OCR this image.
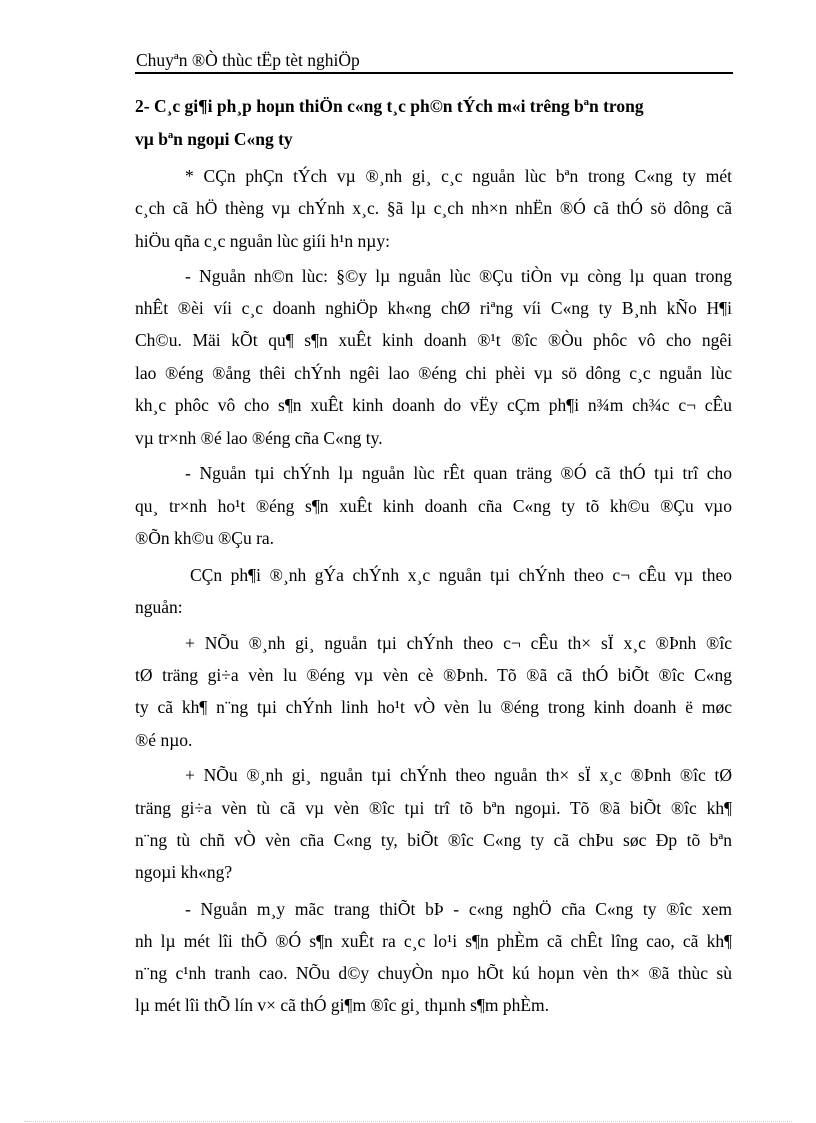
Chuyªn ®Ò thùc tËp tèt nghiÖp
2- C¸c gi¶i ph¸p hoµn thiÖn c«ng t¸c ph©n tÝch m«i trêng bªn trong
vµ bªn ngoµi C«ng ty
* CÇn phÇn tÝch vµ ®¸nh gi¸ c¸c nguån lùc bªn trong C«ng ty mét
c¸ch cã hÖ thèng vµ chÝnh x¸c. §ã lµ c¸ch nh×n nhËn ®Ó cã thÓ sö dông cã
hiÖu qña c¸c nguån lùc giíi h¹n nµy:
- Nguån nh©n lùc: §©y lµ nguån lùc ®Çu tiÒn vµ còng lµ quan trong
nhÊt ®èi víi c¸c doanh nghiÖp kh«ng chØ riªng víi C«ng ty B¸nh kÑo H¶i
Ch©u. Mäi kÕt qu¶ s¶n xuÊt kinh doanh ®¹t ®îc ®Òu phôc vô cho ngêi
lao ®éng ®ång thêi chÝnh ngêi lao ®éng chi phèi vµ sö dông c¸c nguån lùc
kh¸c phôc vô cho s¶n xuÊt kinh doanh do vËy cÇm ph¶i n¾m ch¾c c¬ cÊu
vµ tr×nh ®é lao ®éng cña C«ng ty.
- Nguån tµi chÝnh lµ nguån lùc rÊt quan träng ®Ó cã thÓ tµi trî cho
qu¸ tr×nh ho¹t ®éng s¶n xuÊt kinh doanh cña C«ng ty tõ kh©u ®Çu vµo
®Õn kh©u ®Çu ra.
CÇn ph¶i ®¸nh gÝa chÝnh x¸c nguån tµi chÝnh theo c¬ cÊu vµ theo
nguån:
+ NÕu ®¸nh gi¸ nguån tµi chÝnh theo c¬ cÊu th× sÏ x¸c ®Þnh ®îc
tØ träng gi÷a vèn lu ®éng vµ vèn cè ®Þnh. Tõ ®ã cã thÓ biÕt ®îc C«ng
ty cã kh¶ n¨ng tµi chÝnh linh ho¹t vÒ vèn lu ®éng trong kinh doanh ë møc
®é nµo.
+ NÕu ®¸nh gi¸ nguån tµi chÝnh theo nguån th× sÏ x¸c ®Þnh ®îc tØ
träng gi÷a vèn tù cã vµ vèn ®îc tµi trî tõ bªn ngoµi. Tõ ®ã biÕt ®îc kh¶
n¨ng tù chñ vÒ vèn cña C«ng ty, biÕt ®îc C«ng ty cã chÞu søc Ðp tõ bªn
ngoµi kh«ng?
- Nguån m¸y mãc trang thiÕt bÞ - c«ng nghÖ cña C«ng ty ®îc xem
nh lµ mét lîi thÕ ®Ó s¶n xuÊt ra c¸c lo¹i s¶n phÈm cã chÊt lîng cao, cã kh¶
n¨ng c¹nh tranh cao. NÕu d©y chuyÒn nµo hÕt kú hoµn vèn th× ®ã thùc sù
lµ mét lîi thÕ lín v× cã thÓ gi¶m ®îc gi¸ thµnh s¶m phÈm.
